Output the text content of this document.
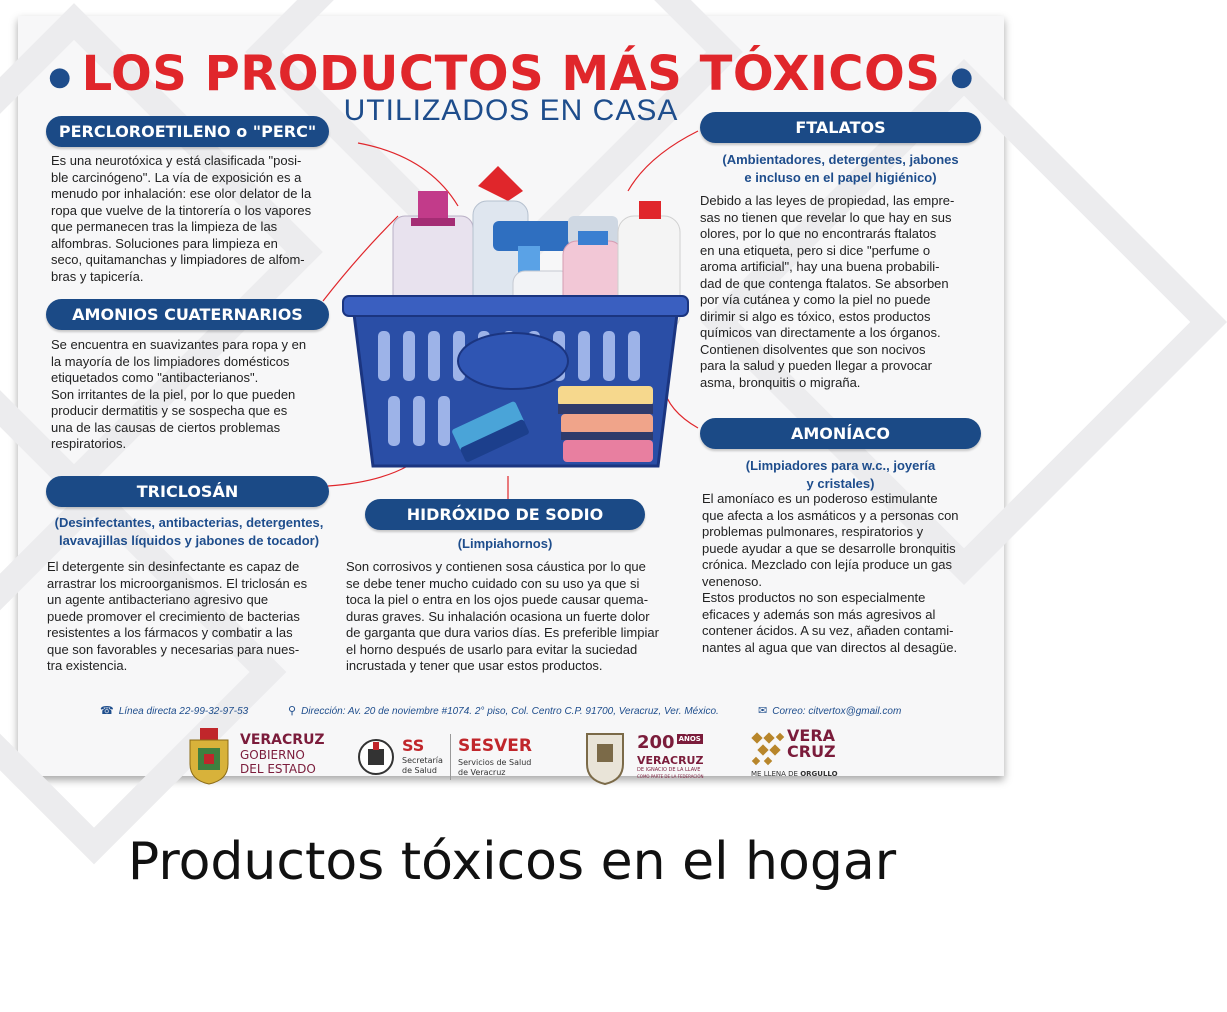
● LOS PRODUCTOS MÁS TÓXICOS ●
UTILIZADOS EN CASA
PERCLOROETILENO o "PERC"
Es una neurotóxica y está clasificada "posi-
ble carcinógeno". La vía de exposición es a
menudo por inhalación: ese olor delator de la
ropa que vuelve de la tintorería o los vapores
que permanecen tras la limpieza de las
alfombras. Soluciones para limpieza en
seco, quitamanchas y limpiadores de alfom-
bras y tapicería.
AMONIOS CUATERNARIOS
Se encuentra en suavizantes para ropa y en
la mayoría de los limpiadores domésticos
etiquetados como "antibacterianos".
Son irritantes de la piel, por lo que pueden
producir dermatitis y se sospecha que es
una de las causas de ciertos problemas
respiratorios.
TRICLOSÁN
(Desinfectantes, antibacterias, detergentes,
lavavajillas líquidos y jabones de tocador)
El detergente sin desinfectante es capaz de
arrastrar los microorganismos. El triclosán es
un agente antibacteriano agresivo que
puede promover el crecimiento de bacterias
resistentes a los fármacos y combatir a las
que son favorables y necesarias para nues-
tra existencia.
HIDRÓXIDO DE SODIO
(Limpiahornos)
Son corrosivos y contienen sosa cáustica por lo que
se debe tener mucho cuidado con su uso ya que si
toca la piel o entra en los ojos puede causar quema-
duras graves. Su inhalación ocasiona un fuerte dolor
de garganta que dura varios días. Es preferible limpiar
el horno después de usarlo para evitar la suciedad
incrustada y tener que usar estos productos.
FTALATOS
(Ambientadores, detergentes, jabones
e incluso en el papel higiénico)
Debido a las leyes de propiedad, las empre-
sas no tienen que revelar lo que hay en sus
olores, por lo que no encontrarás ftalatos
en una etiqueta, pero si dice "perfume o
aroma artificial", hay una buena probabili-
dad de que contenga ftalatos. Se absorben
por vía cutánea y como la piel no puede
dirimir si algo es tóxico, estos productos
químicos van directamente a los órganos.
Contienen disolventes que son nocivos
para la salud y pueden llegar a provocar
asma, bronquitis o migraña.
AMONÍACO
(Limpiadores para w.c., joyería
y cristales)
El amoníaco es un poderoso estimulante
que afecta a los asmáticos y a personas con
problemas pulmonares, respiratorios y
puede ayudar a que se desarrolle bronquitis
crónica. Mezclado con lejía produce un gas
venenoso.
Estos productos no son especialmente
eficaces y además son más agresivos al
contener ácidos. A su vez, añaden contami-
nantes al agua que van directos al desagüe.
☎ Línea directa 22-99-32-97-53	⚲ Dirección: Av. 20 de noviembre #1074. 2° piso, Col. Centro C.P. 91700, Veracruz, Ver. México.	✉ Correo: citvertox@gmail.com
VERACRUZ
GOBIERNO
DEL ESTADO
SS
Secretaría
de Salud
SESVER
Servicios de Salud
de Veracruz
200 $^{AÑOS}$
VERACRUZ
DE IGNACIO DE LA LLAVE
COMO PARTE DE LA FEDERACIÓN
VERA
CRUZ
ME LLENA DE ORGULLO
Productos tóxicos en el hogar
